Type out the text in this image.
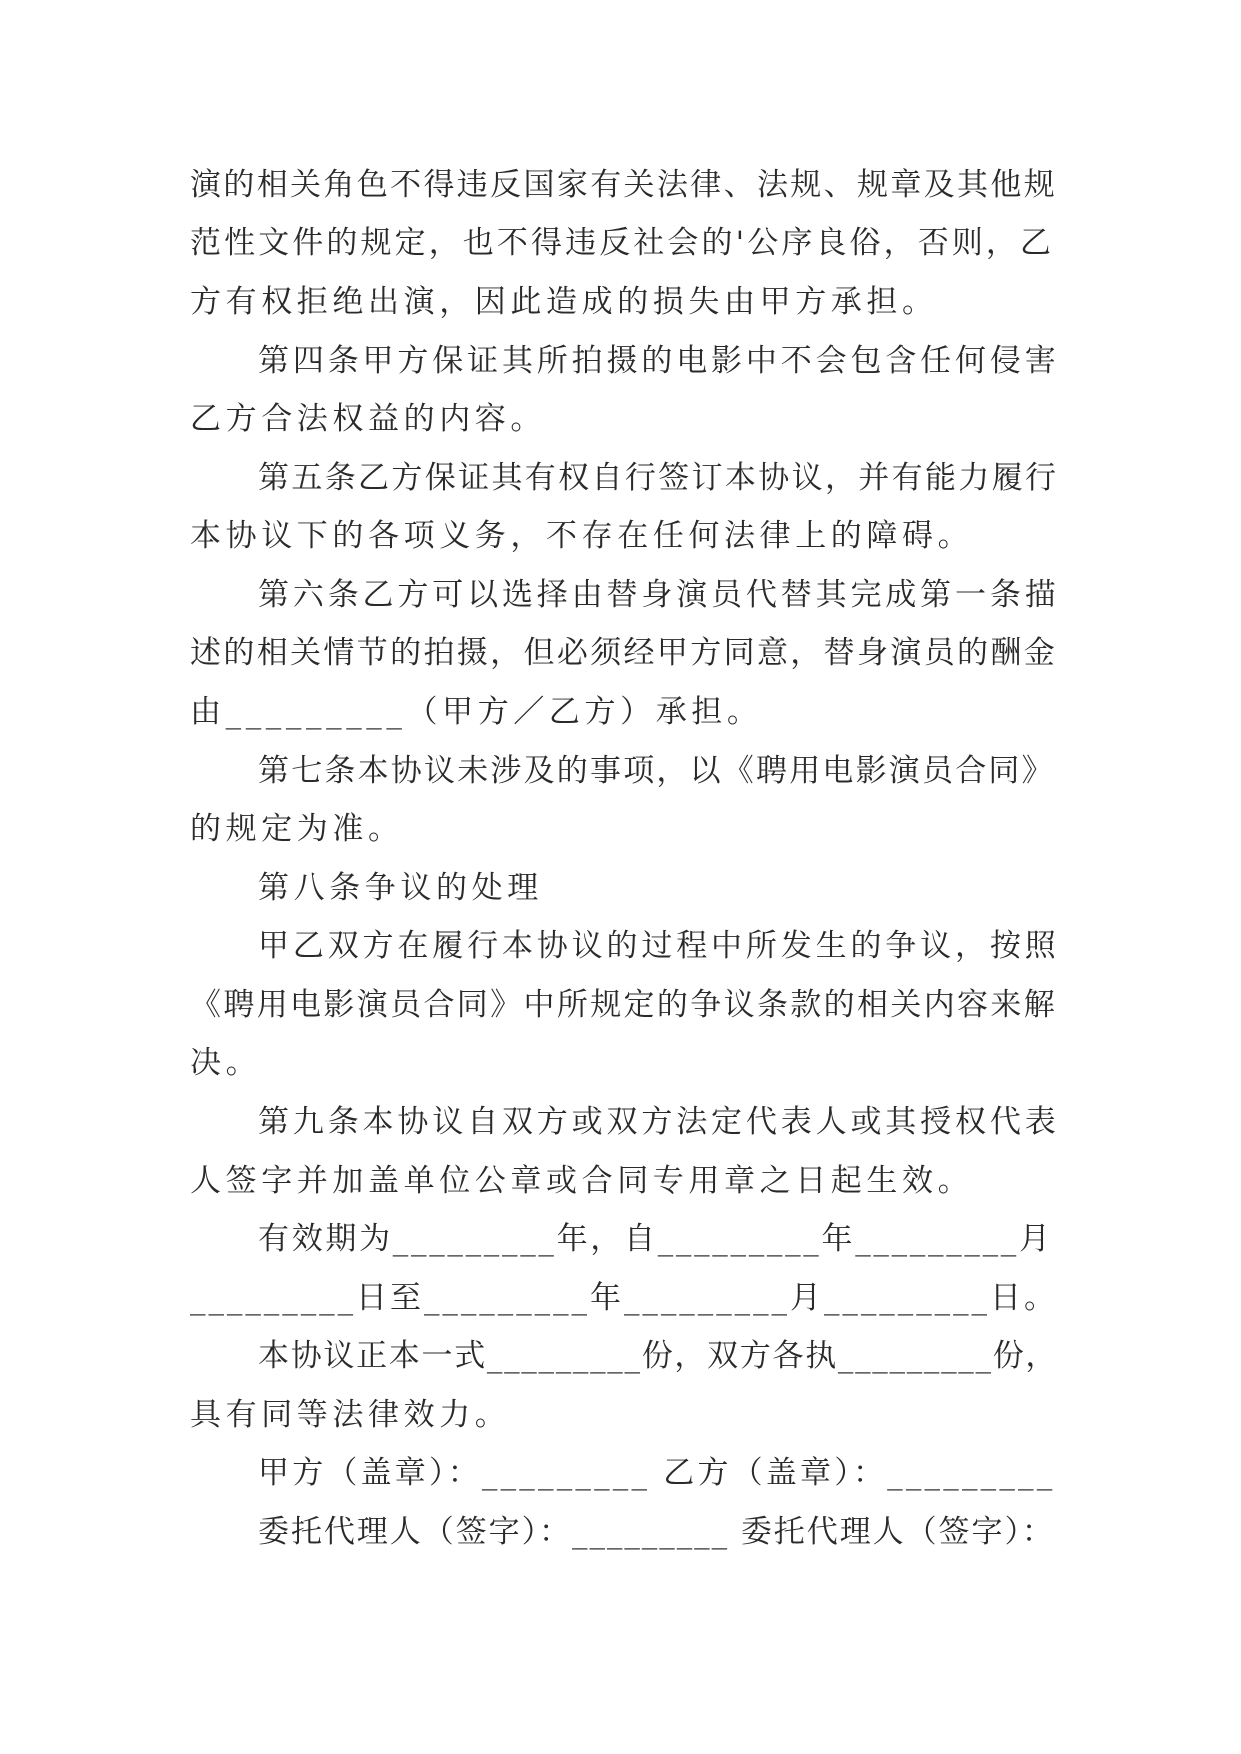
演的相关角色不得违反国家有关法律、法规、规章及其他规
范性文件的规定，也不得违反社会的'公序良俗，否则，乙
方有权拒绝出演，因此造成的损失由甲方承担。
第四条甲方保证其所拍摄的电影中不会包含任何侵害
乙方合法权益的内容。
第五条乙方保证其有权自行签订本协议，并有能力履行
本协议下的各项义务，不存在任何法律上的障碍。
第六条乙方可以选择由替身演员代替其完成第一条描
述的相关情节的拍摄，但必须经甲方同意，替身演员的酬金
由_________（甲方／乙方）承担。
第七条本协议未涉及的事项，以《聘用电影演员合同》
的规定为准。
第八条争议的处理
甲乙双方在履行本协议的过程中所发生的争议，按照
《聘用电影演员合同》中所规定的争议条款的相关内容来解
决。
第九条本协议自双方或双方法定代表人或其授权代表
人签字并加盖单位公章或合同专用章之日起生效。
有效期为_________年，自_________年_________月
_________日至_________年_________月_________日。
本协议正本一式_________份，双方各执_________份，
具有同等法律效力。
甲方（盖章）：_________ 乙方（盖章）：_________
委托代理人（签字）：_________ 委托代理人（签字）：
